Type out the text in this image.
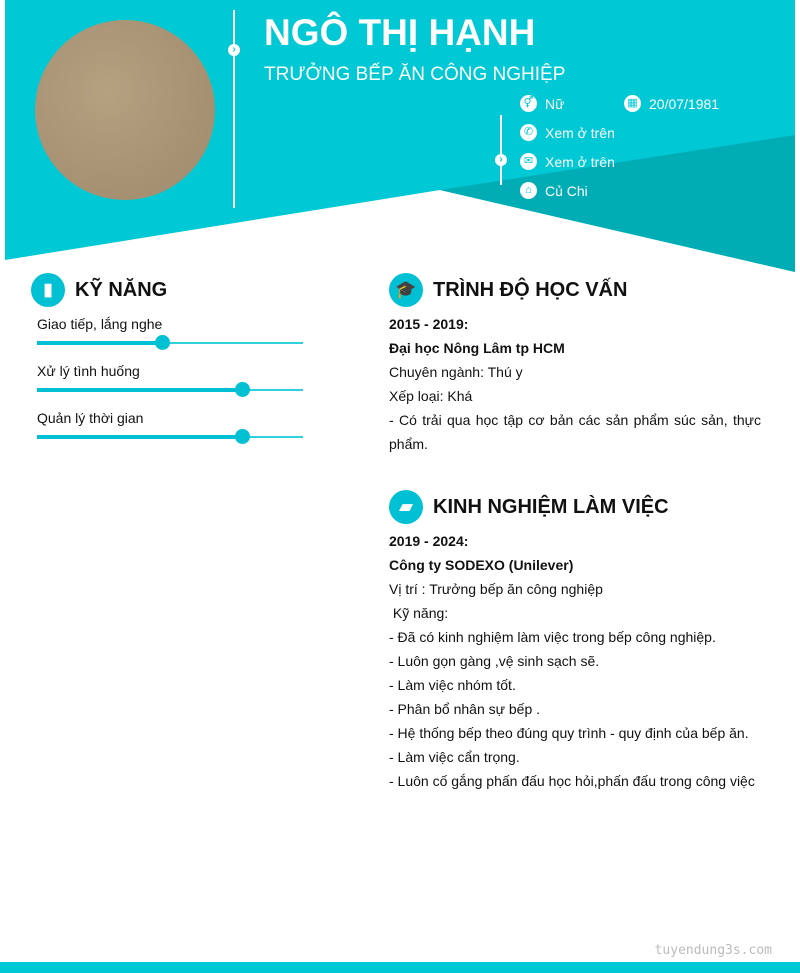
› NGÔ THỊ HẠNH
TRƯỞNG BẾP ĂN CÔNG NGHIỆP
›
⚥ Nữ	▦ 20/07/1981
✆ Xem ở trên
✉ Xem ở trên
⌂ Củ Chi
▮	KỸ NĂNG
Giao tiếp, lắng nghe
Xử lý tình huống
Quản lý thời gian
🎓 TRÌNH ĐỘ HỌC VẤN
2015 - 2019:
Đại học Nông Lâm tp HCM
Chuyên ngành: Thú y
Xếp loại: Khá
- Có trải qua học tập cơ bản các sản phẩm súc sản, thực phẩm.
▰	KINH NGHIỆM LÀM VIỆC
2019 - 2024:
Công ty SODEXO (Unilever)
Vị trí : Trưởng bếp ăn công nghiệp
Kỹ năng:
- Đã có kinh nghiệm làm việc trong bếp công nghiệp.
- Luôn gọn gàng ,vệ sinh sạch sẽ.
- Làm việc nhóm tốt.
- Phân bổ nhân sự bếp .
- Hệ thống bếp theo đúng quy trình - quy định của bếp ăn.
- Làm việc cẩn trọng.
- Luôn cố gắng phấn đấu học hỏi,phấn đấu trong công việc
tuyendung3s.com
